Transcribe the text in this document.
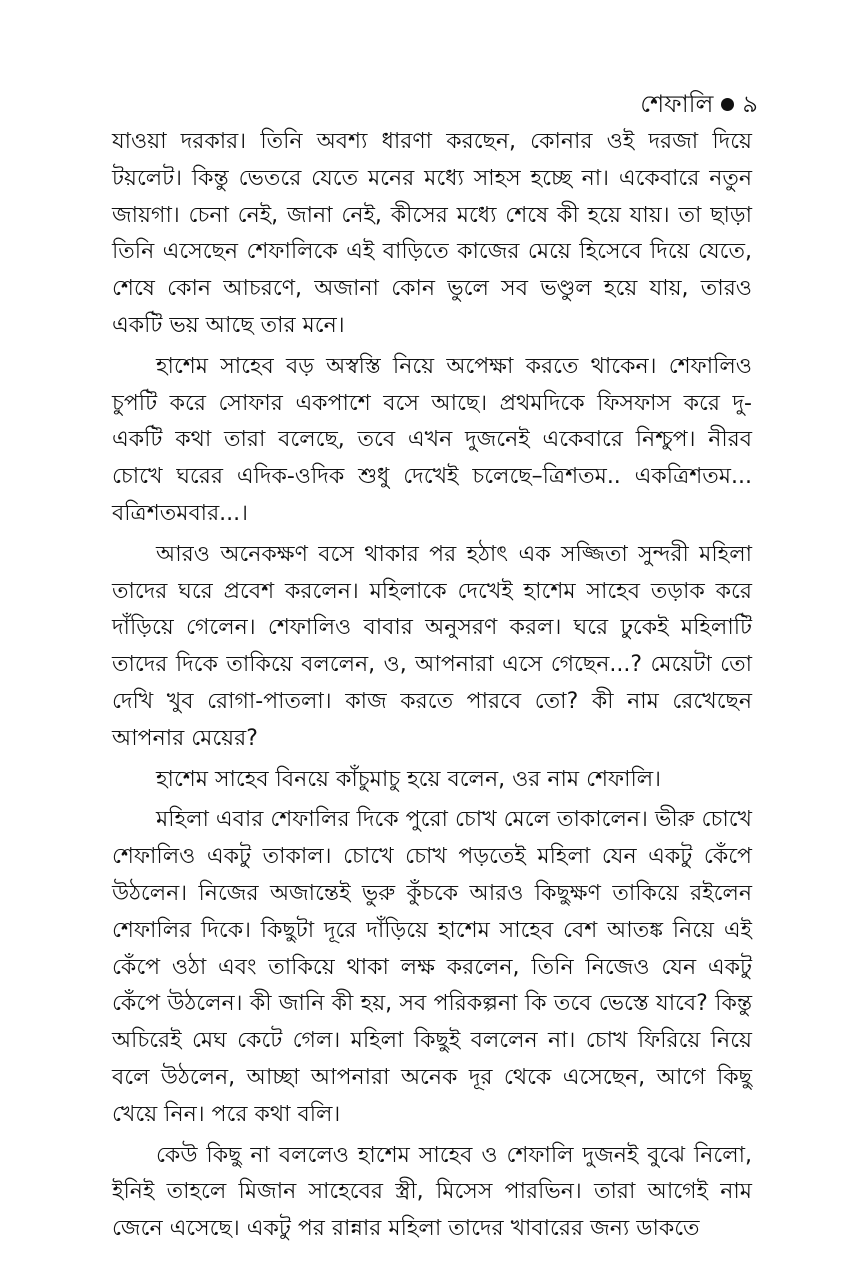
শেফালি ৯

যাওয়া দরকার। তিনি অবশ্য ধারণা করছেন, কোনার ওই দরজা দিয়ে টয়লেট। কিন্তু ভেতরে যেতে মনের মধ্যে সাহস হচ্ছে না। একেবারে নতুন জায়গা। চেনা নেই, জানা নেই, কীসের মধ্যে শেষে কী হয়ে যায়। তা ছাড়া তিনি এসেছেন শেফালিকে এই বাড়িতে কাজের মেয়ে হিসেবে দিয়ে যেতে, শেষে কোন আচরণে, অজানা কোন ভুলে সব ভণ্ডুল হয়ে যায়, তারও একটি ভয় আছে তার মনে।

হাশেম সাহেব বড় অস্বস্তি নিয়ে অপেক্ষা করতে থাকেন। শেফালিও চুপটি করে সোফার একপাশে বসে আছে। প্রথমদিকে ফিসফাস করে দু-একটি কথা তারা বলেছে, তবে এখন দুজনেই একেবারে নিশ্চুপ। নীরব চোখে ঘরের এদিক-ওদিক শুধু দেখেই চলেছে–ত্রিশতম.. একত্রিশতম... বত্রিশতমবার...।

আরও অনেকক্ষণ বসে থাকার পর হঠাৎ এক সজ্জিতা সুন্দরী মহিলা তাদের ঘরে প্রবেশ করলেন। মহিলাকে দেখেই হাশেম সাহেব তড়াক করে দাঁড়িয়ে গেলেন। শেফালিও বাবার অনুসরণ করল। ঘরে ঢুকেই মহিলাটি তাদের দিকে তাকিয়ে বললেন, ও, আপনারা এসে গেছেন...? মেয়েটা তো দেখি খুব রোগা-পাতলা। কাজ করতে পারবে তো? কী নাম রেখেছেন আপনার মেয়ের?

হাশেম সাহেব বিনয়ে কাঁচুমাচু হয়ে বলেন, ওর নাম শেফালি।

মহিলা এবার শেফালির দিকে পুরো চোখ মেলে তাকালেন। ভীরু চোখে শেফালিও একটু তাকাল। চোখে চোখ পড়তেই মহিলা যেন একটু কেঁপে উঠলেন। নিজের অজান্তেই ভুরু কুঁচকে আরও কিছুক্ষণ তাকিয়ে রইলেন শেফালির দিকে। কিছুটা দূরে দাঁড়িয়ে হাশেম সাহেব বেশ আতঙ্ক নিয়ে এই কেঁপে ওঠা এবং তাকিয়ে থাকা লক্ষ করলেন, তিনি নিজেও যেন একটু কেঁপে উঠলেন। কী জানি কী হয়, সব পরিকল্পনা কি তবে ভেস্তে যাবে? কিন্তু অচিরেই মেঘ কেটে গেল। মহিলা কিছুই বললেন না। চোখ ফিরিয়ে নিয়ে বলে উঠলেন, আচ্ছা আপনারা অনেক দূর থেকে এসেছেন, আগে কিছু খেয়ে নিন। পরে কথা বলি।

কেউ কিছু না বললেও হাশেম সাহেব ও শেফালি দুজনই বুঝে নিলো, ইনিই তাহলে মিজান সাহেবের স্ত্রী, মিসেস পারভিন। তারা আগেই নাম জেনে এসেছে। একটু পর রান্নার মহিলা তাদের খাবারের জন্য ডাকতে
